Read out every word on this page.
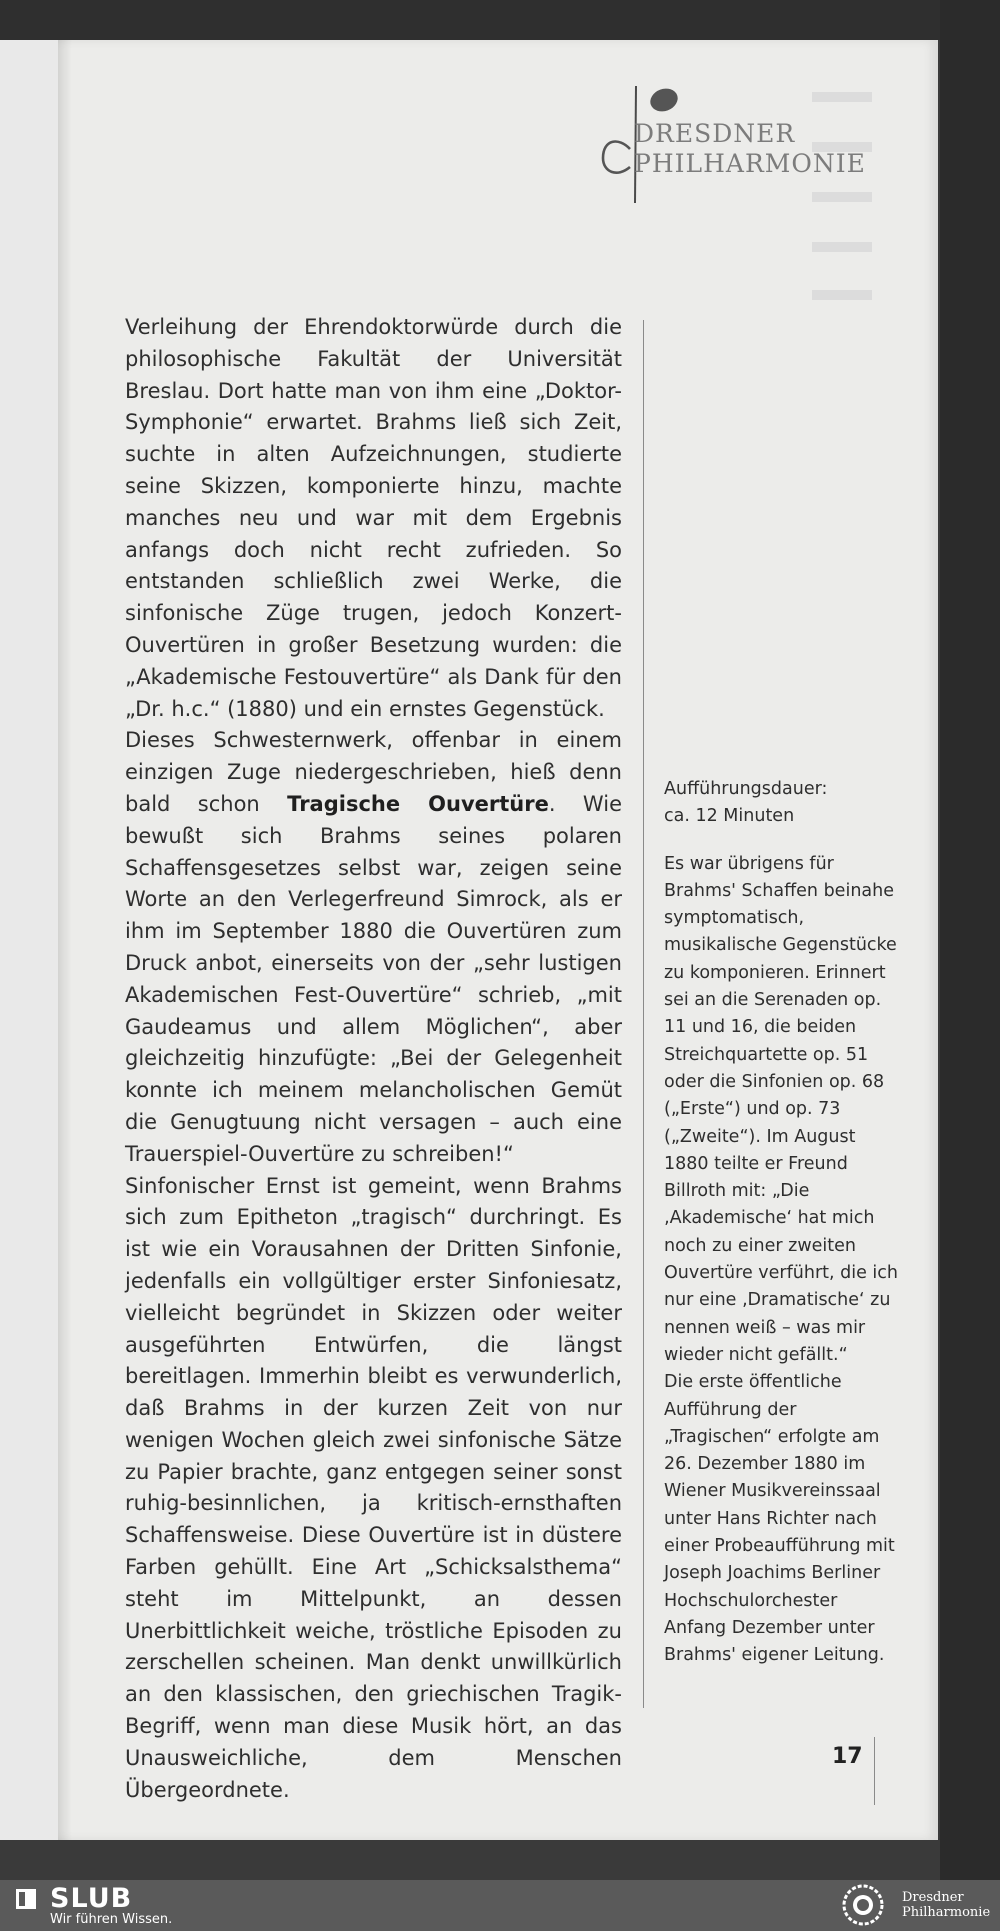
DRESDNER
PHILHARMONIE

Verleihung der Ehrendoktorwürde durch die philosophische Fakultät der Universität Breslau. Dort hatte man von ihm eine „Doktor-Symphonie“ erwartet. Brahms ließ sich Zeit, suchte in alten Aufzeichnungen, studierte seine Skizzen, komponierte hinzu, machte manches neu und war mit dem Ergebnis anfangs doch nicht recht zufrieden. So entstanden schließlich zwei Werke, die sinfonische Züge trugen, jedoch Konzert-Ouvertüren in großer Besetzung wurden: die „Akademische Festouvertüre“ als Dank für den „Dr. h.c.“ (1880) und ein ernstes Gegenstück.

Dieses Schwesternwerk, offenbar in einem einzigen Zuge niedergeschrieben, hieß denn bald schon Tragische Ouvertüre. Wie bewußt sich Brahms seines polaren Schaffensgesetzes selbst war, zeigen seine Worte an den Verlegerfreund Simrock, als er ihm im September 1880 die Ouvertüren zum Druck anbot, einerseits von der „sehr lustigen Akademischen Fest-Ouvertüre“ schrieb, „mit Gaudeamus und allem Möglichen“, aber gleichzeitig hinzufügte: „Bei der Gelegenheit konnte ich meinem melancholischen Gemüt die Genugtuung nicht versagen – auch eine Trauerspiel-Ouvertüre zu schreiben!“

Sinfonischer Ernst ist gemeint, wenn Brahms sich zum Epitheton „tragisch“ durchringt. Es ist wie ein Vorausahnen der Dritten Sinfonie, jedenfalls ein vollgültiger erster Sinfoniesatz, vielleicht begründet in Skizzen oder weiter ausgeführten Entwürfen, die längst bereitlagen. Immerhin bleibt es verwunderlich, daß Brahms in der kurzen Zeit von nur wenigen Wochen gleich zwei sinfonische Sätze zu Papier brachte, ganz entgegen seiner sonst ruhig-besinnlichen, ja kritisch-ernsthaften Schaffensweise. Diese Ouvertüre ist in düstere Farben gehüllt. Eine Art „Schicksalsthema“ steht im Mittelpunkt, an dessen Unerbittlichkeit weiche, tröstliche Episoden zu zerschellen scheinen. Man denkt unwillkürlich an den klassischen, den griechischen Tragik-Begriff, wenn man diese Musik hört, an das Unausweichliche, dem Menschen Übergeordnete.

Aufführungsdauer:

ca. 12 Minuten

Es war übrigens für Brahms' Schaffen beinahe symptomatisch, musikalische Gegenstücke zu komponieren. Erinnert sei an die Serenaden op. 11 und 16, die beiden Streichquartette op. 51 oder die Sinfonien op. 68 („Erste“) und op. 73 („Zweite“). Im August 1880 teilte er Freund Billroth mit: „Die ‚Akademische‘ hat mich noch zu einer zweiten Ouvertüre verführt, die ich nur eine ‚Dramatische‘ zu nennen weiß – was mir wieder nicht gefällt.“

Die erste öffentliche Aufführung der „Tragischen“ erfolgte am 26. Dezember 1880 im Wiener Musikvereinssaal unter Hans Richter nach einer Probeaufführung mit Joseph Joachims Berliner Hochschulorchester Anfang Dezember unter Brahms' eigener Leitung.

17
SLUB
Wir führen Wissen.
Dresdner
Philharmonie
